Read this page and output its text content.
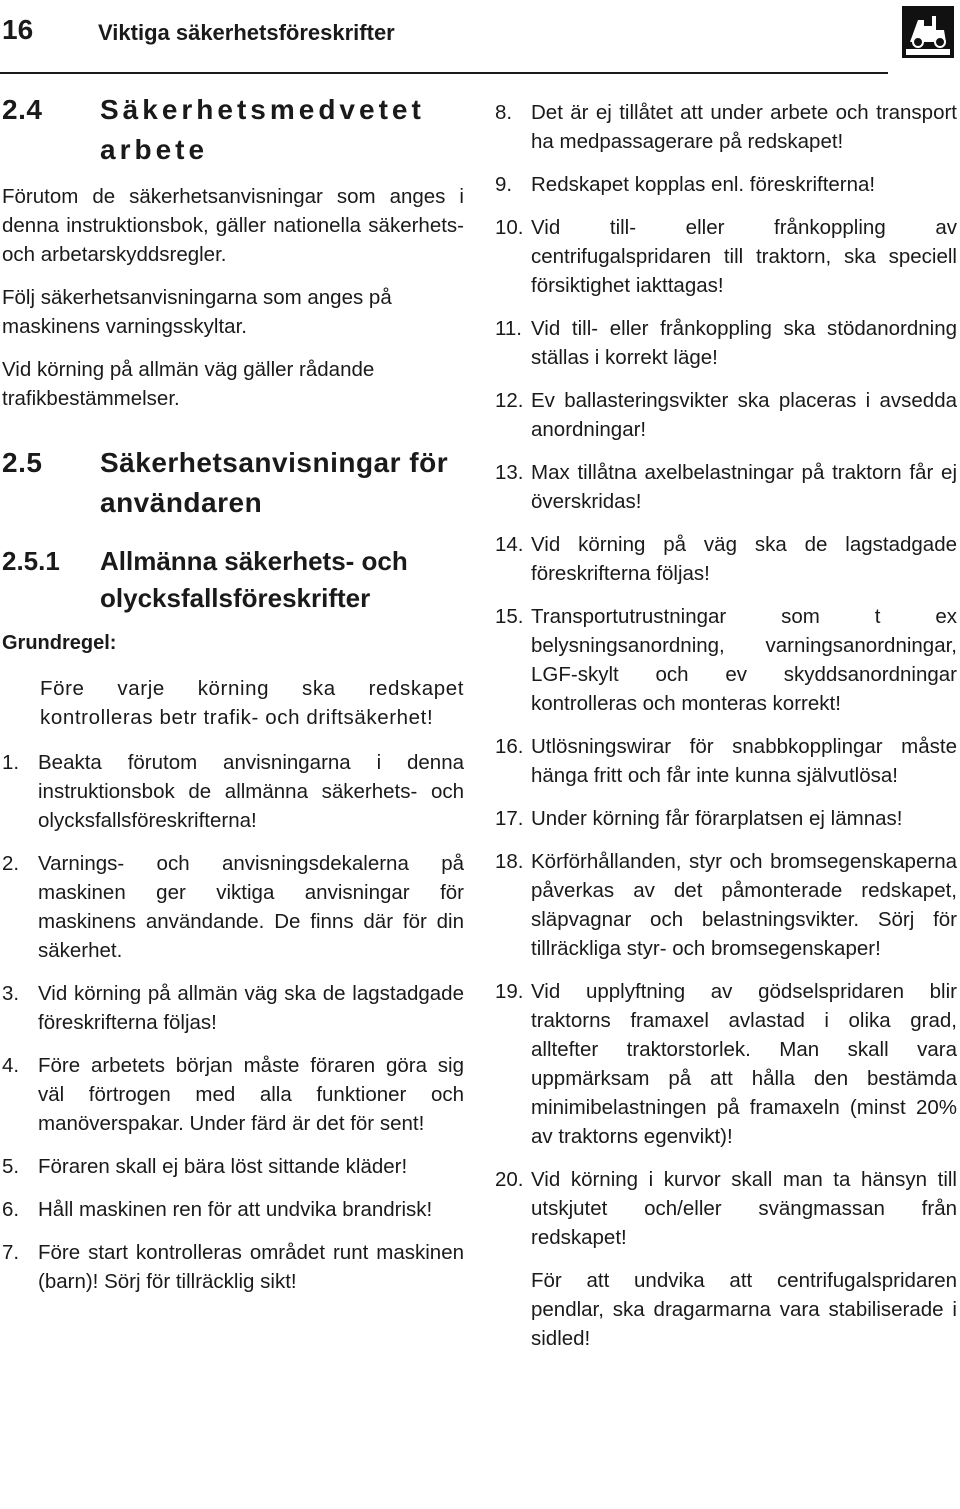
16	Viktiga säkerhetsföreskrifter
2.4	Säkerhetsmedvetet arbete

Förutom de säkerhetsanvisningar som anges i denna instruktionsbok, gäller nationella säkerhets- och arbetarskyddsregler.

Följ säkerhetsanvisningarna som anges på maskinens varningsskyltar.

Vid körning på allmän väg gäller rådande trafikbestämmelser.

2.5	Säkerhetsanvisningar för användaren
2.5.1	Allmänna säkerhets- och olycksfallsföreskrifter
Grundregel:

Före varje körning ska redskapet kontrolleras betr trafik- och driftsäkerhet!

1. Beakta förutom anvisningarna i denna instruktionsbok de allmänna säkerhets- och olycksfallsföreskrifterna!
2. Varnings- och anvisningsdekalerna på maskinen ger viktiga anvisningar för maskinens användande. De finns där för din säkerhet.
3. Vid körning på allmän väg ska de lagstadgade föreskrifterna följas!
4. Före arbetets början måste föraren göra sig väl förtrogen med alla funktioner och manöverspakar. Under färd är det för sent!
5. Föraren skall ej bära löst sittande kläder!
6. Håll maskinen ren för att undvika brandrisk!
7. Före start kontrolleras området runt maskinen (barn)! Sörj för tillräcklig sikt!
8. Det är ej tillåtet att under arbete och transport ha medpassagerare på redskapet!
9. Redskapet kopplas enl. föreskrifterna!
10. Vid till- eller frånkoppling av centrifugalspridaren till traktorn, ska speciell försiktighet iakttagas!
11. Vid till- eller frånkoppling ska stödanordning ställas i korrekt läge!
12. Ev ballasteringsvikter ska placeras i avsedda anordningar!
13. Max tillåtna axelbelastningar på traktorn får ej överskridas!
14. Vid körning på väg ska de lagstadgade föreskrifterna följas!
15. Transportutrustningar som t ex belysningsanordning, varningsanordningar, LGF-skylt och ev skyddsanordningar kontrolleras och monteras korrekt!
16. Utlösningswirar för snabbkopplingar måste hänga fritt och får inte kunna självutlösa!
17. Under körning får förarplatsen ej lämnas!
18. Körförhållanden, styr och bromsegenskaperna påverkas av det påmonterade redskapet, släpvagnar och belastningsvikter. Sörj för tillräckliga styr- och bromsegenskaper!
19. Vid upplyftning av gödselspridaren blir traktorns framaxel avlastad i olika grad, alltefter traktorstorlek. Man skall vara uppmärksam på att hålla den bestämda minimibelastningen på framaxeln (minst 20% av traktorns egenvikt)!
20. Vid körning i kurvor skall man ta hänsyn till utskjutet och/eller svängmassan från redskapet!

För att undvika att centrifugalspridaren pendlar, ska dragarmarna vara stabiliserade i sidled!
